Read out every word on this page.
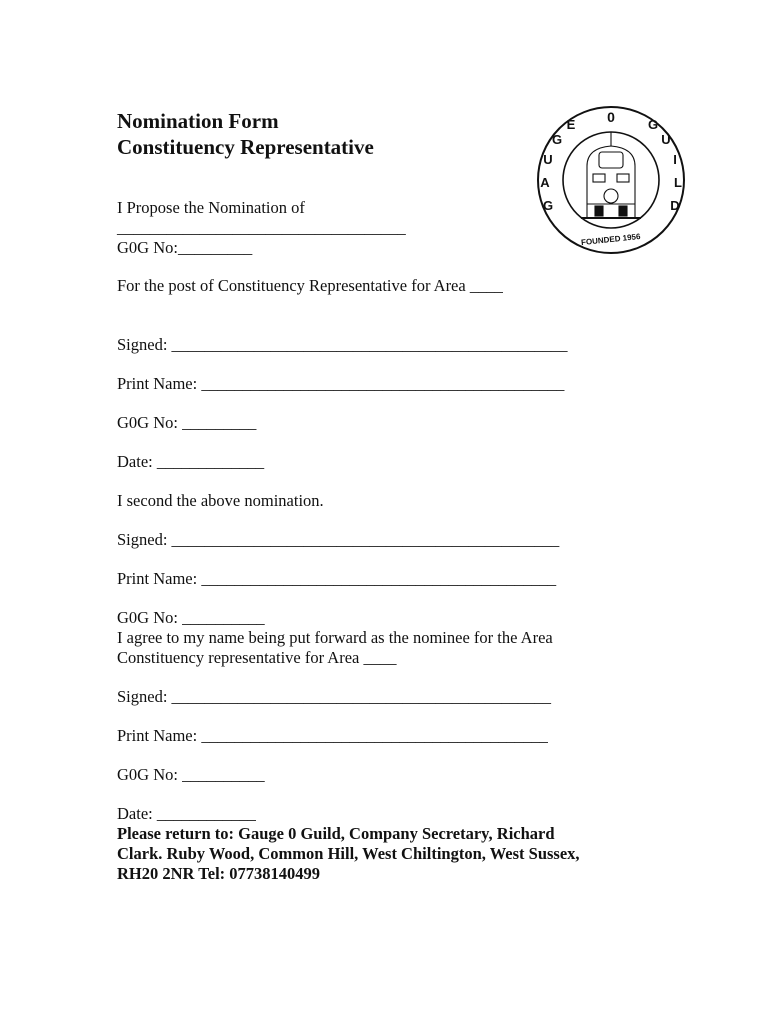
Nomination Form
Constituency Representative
I Propose the Nomination of
___________________________________
G0G No:_________
For the post of Constituency Representative for Area ____
Signed: ________________________________________________
Print Name: ____________________________________________
G0G No: _________
Date: _____________
I second the above nomination.
Signed: _______________________________________________
Print Name: ___________________________________________
G0G No: __________
I agree to my name being put forward as the nominee for the Area
Constituency representative for Area ____
Signed: ______________________________________________
Print Name: __________________________________________
G0G No: __________
Date: ____________
Please return to: Gauge 0 Guild, Company Secretary, Richard
Clark. Ruby Wood, Common Hill, West Chiltington, West Sussex,
RH20 2NR Tel: 07738140499
0
G
A
U
G
E	G
U
I
L
D
FOUNDED 1956
